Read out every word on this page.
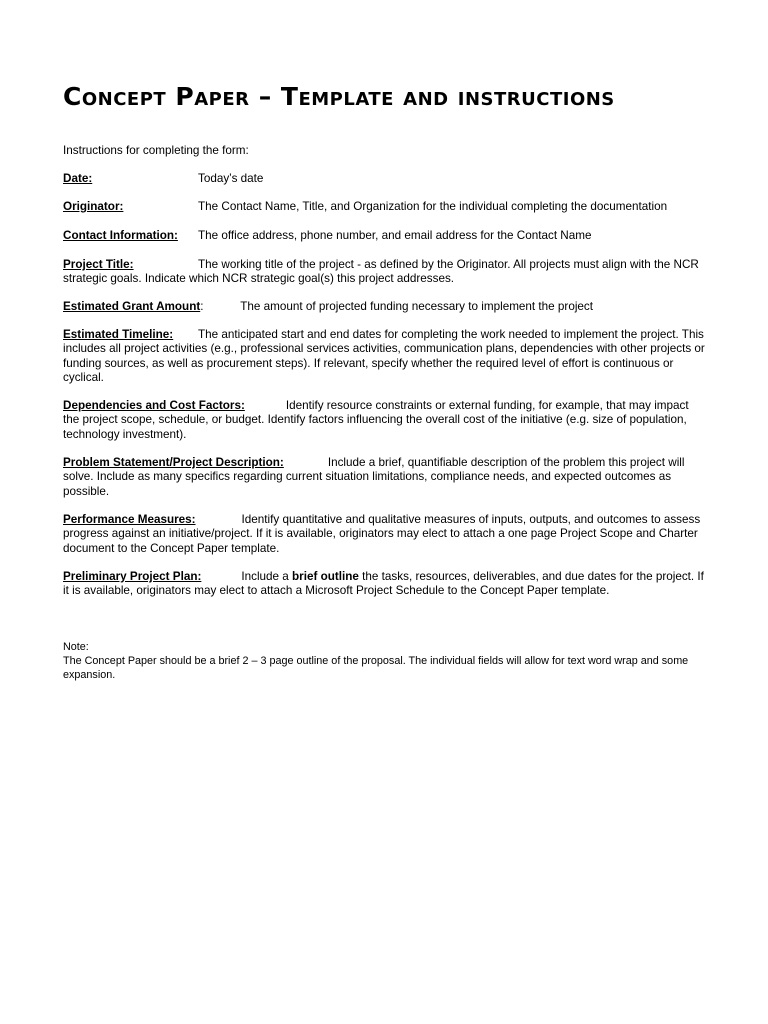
Concept Paper – Template and instructions
Instructions for completing the form:
Date:	Today’s date
Originator:	The Contact Name, Title, and Organization for the individual completing the documentation
Contact Information: The office address, phone number, and email address for the Contact Name
Project Title:	The working title of the project - as defined by the Originator. All projects must align with the NCR strategic goals. Indicate which NCR strategic goal(s) this project addresses.
Estimated Grant Amount:	The amount of projected funding necessary to implement the project
Estimated Timeline: The anticipated start and end dates for completing the work needed to implement the project. This includes all project activities (e.g., professional services activities, communication plans, dependencies with other projects or funding sources, as well as procurement steps). If relevant, specify whether the required level of effort is continuous or cyclical.
Dependencies and Cost Factors:	Identify resource constraints or external funding, for example, that may impact the project scope, schedule, or budget. Identify factors influencing the overall cost of the initiative (e.g. size of population, technology investment).
Problem Statement/Project Description:	Include a brief, quantifiable description of the problem this project will solve. Include as many specifics regarding current situation limitations, compliance needs, and expected outcomes as possible.
Performance Measures:	Identify quantitative and qualitative measures of inputs, outputs, and outcomes to assess progress against an initiative/project. If it is available, originators may elect to attach a one page Project Scope and Charter document to the Concept Paper template.
Preliminary Project Plan:	Include a brief outline the tasks, resources, deliverables, and due dates for the project. If it is available, originators may elect to attach a Microsoft Project Schedule to the Concept Paper template.
Note:
The Concept Paper should be a brief 2 – 3 page outline of the proposal. The individual fields will allow for text word wrap and some expansion.
